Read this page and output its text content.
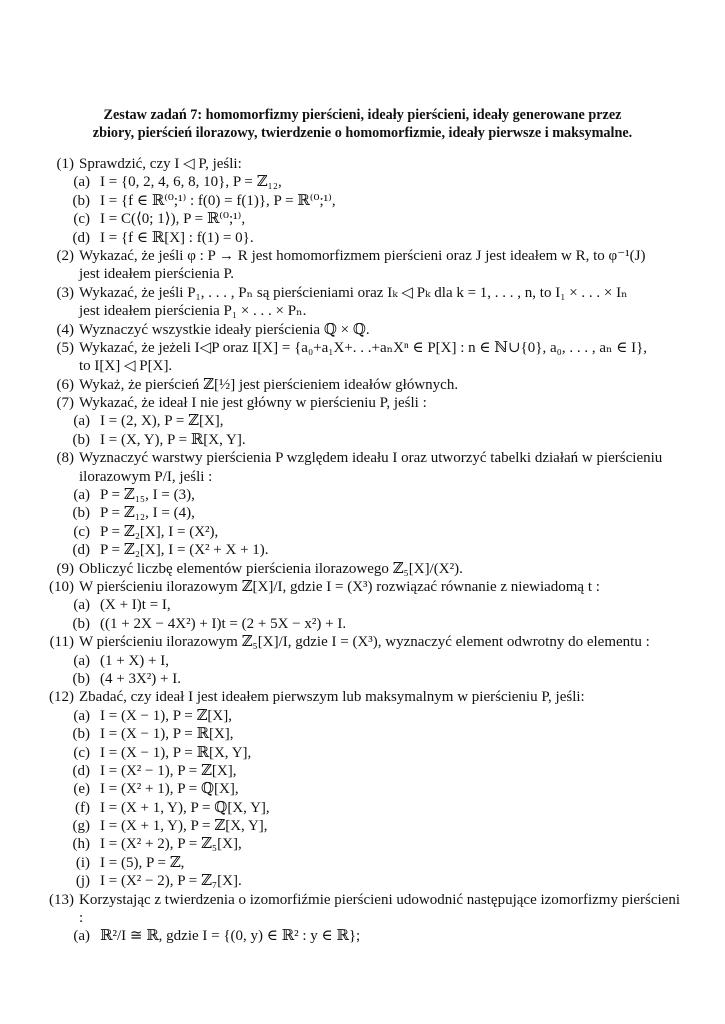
Zestaw zadań 7: homomorfizmy pierścieni, ideały pierścieni, ideały generowane przez
zbiory, pierścień ilorazowy, twierdzenie o homomorfizmie, ideały pierwsze i maksymalne.
(1) Sprawdzić, czy I ◁ P, jeśli:
(a) I = {0, 2, 4, 6, 8, 10}, P = ℤ₁₂,
(b) I = {f ∈ ℝ⁽⁰;¹⁾ : f(0) = f(1)}, P = ℝ⁽⁰;¹⁾,
(c) I = C(⟨0; 1⟩), P = ℝ⁽⁰;¹⁾,
(d) I = {f ∈ ℝ[X] : f(1) = 0}.
(2) Wykazać, że jeśli φ : P → R jest homomorfizmem pierścieni oraz J jest ideałem w R, to φ⁻¹(J)
jest ideałem pierścienia P.
(3) Wykazać, że jeśli P₁, . . . , Pₙ są pierścieniami oraz Iₖ ◁ Pₖ dla k = 1, . . . , n, to I₁ × . . . × Iₙ
jest ideałem pierścienia P₁ × . . . × Pₙ.
(4) Wyznaczyć wszystkie ideały pierścienia ℚ × ℚ.
(5) Wykazać, że jeżeli I◁P oraz I[X] = {a₀+a₁X+. . .+aₙXⁿ ∈ P[X] : n ∈ ℕ∪{0}, a₀, . . . , aₙ ∈ I},
to I[X] ◁ P[X].
(6) Wykaż, że pierścień ℤ[½] jest pierścieniem ideałów głównych.
(7) Wykazać, że ideał I nie jest główny w pierścieniu P, jeśli :
(a) I = (2, X), P = ℤ[X],
(b) I = (X, Y), P = ℝ[X, Y].
(8) Wyznaczyć warstwy pierścienia P względem ideału I oraz utworzyć tabelki działań w pierścieniu
ilorazowym P/I, jeśli :
(a) P = ℤ₁₅, I = (3),
(b) P = ℤ₁₂, I = (4),
(c) P = ℤ₂[X], I = (X²),
(d) P = ℤ₂[X], I = (X² + X + 1).
(9) Obliczyć liczbę elementów pierścienia ilorazowego ℤ₅[X]/(X²).
(10) W pierścieniu ilorazowym ℤ[X]/I, gdzie I = (X³) rozwiązać równanie z niewiadomą t :
(a) (X + I)t = I,
(b) ((1 + 2X − 4X²) + I)t = (2 + 5X − x²) + I.
(11) W pierścieniu ilorazowym ℤ₅[X]/I, gdzie I = (X³), wyznaczyć element odwrotny do elementu :
(a) (1 + X) + I,
(b) (4 + 3X²) + I.
(12) Zbadać, czy ideał I jest ideałem pierwszym lub maksymalnym w pierścieniu P, jeśli:
(a) I = (X − 1), P = ℤ[X],
(b) I = (X − 1), P = ℝ[X],
(c) I = (X − 1), P = ℝ[X, Y],
(d) I = (X² − 1), P = ℤ[X],
(e) I = (X² + 1), P = ℚ[X],
(f) I = (X + 1, Y), P = ℚ[X, Y],
(g) I = (X + 1, Y), P = ℤ[X, Y],
(h) I = (X² + 2), P = ℤ₅[X],
(i) I = (5), P = ℤ,
(j) I = (X² − 2), P = ℤ₇[X].
(13) Korzystając z twierdzenia o izomorfiźmie pierścieni udowodnić następujące izomorfizmy pierścieni
:
(a) ℝ²/I ≅ ℝ, gdzie I = {(0, y) ∈ ℝ² : y ∈ ℝ};
